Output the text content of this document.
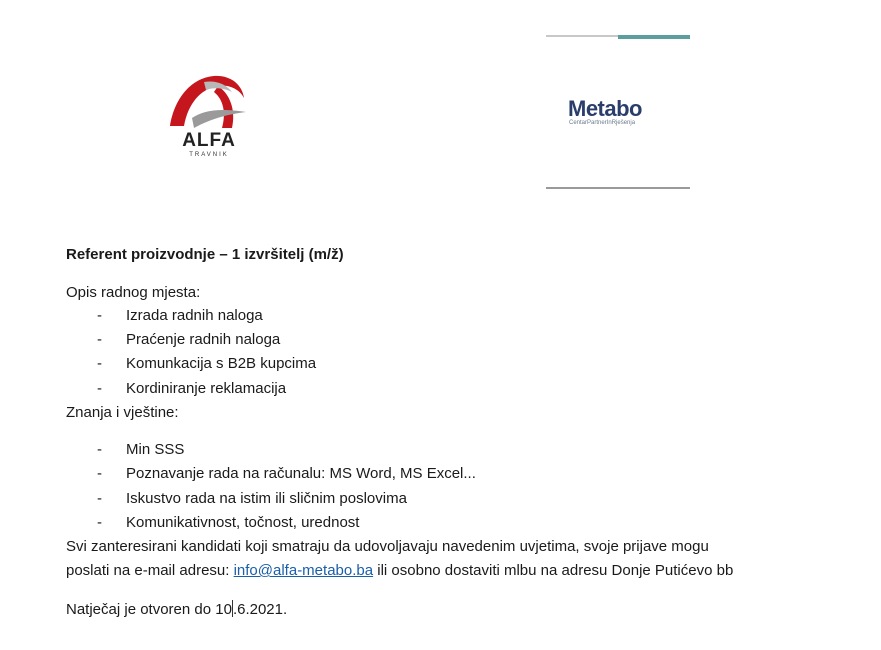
ALFA
TRAVNIK
Metabo
CentarPartnerInRješenja
Referent proizvodnje – 1 izvršitelj (m/ž)
Opis radnog mjesta:
- Izrada radnih naloga
- Praćenje radnih naloga
- Komunkacija s B2B kupcima
- Kordiniranje reklamacija
Znanja i vještine:
- Min SSS
- Poznavanje rada na računalu: MS Word, MS Excel...
- Iskustvo rada na istim ili sličnim poslovima
- Komunikativnost, točnost, urednost
Svi zanteresirani kandidati koji smatraju da udovoljavaju navedenim uvjetima, svoje prijave mogu
poslati na e-mail adresu: info@alfa-metabo.ba ili osobno dostaviti mlbu na adresu Donje Putićevo bb
Natječaj je otvoren do 10.6.2021.
